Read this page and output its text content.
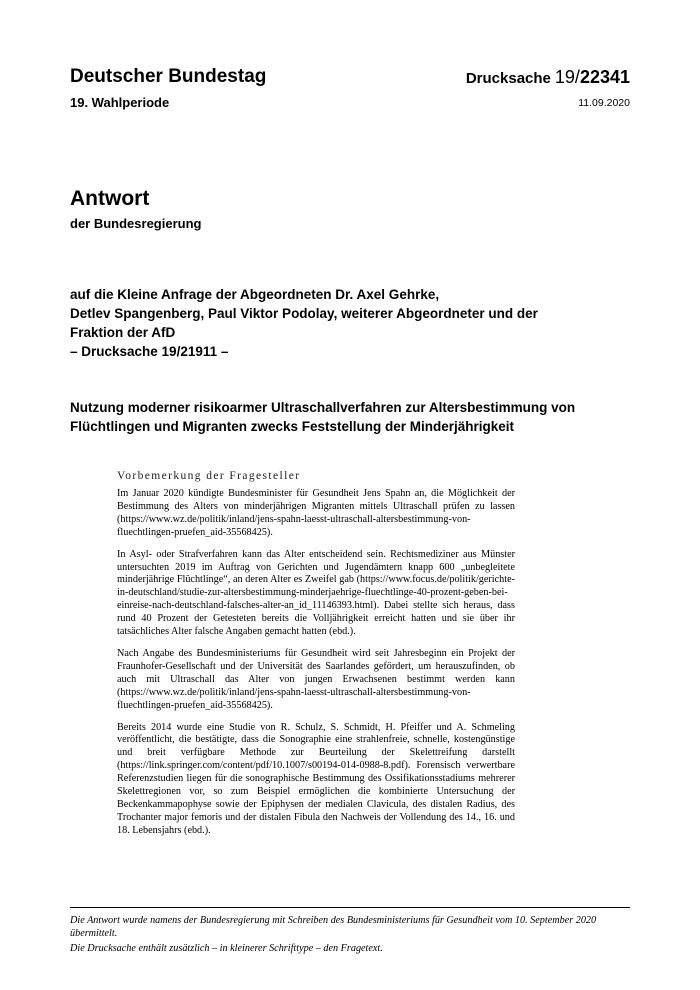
Deutscher Bundestag
19. Wahlperiode
Drucksache 19/22341
11.09.2020
Antwort
der Bundesregierung
auf die Kleine Anfrage der Abgeordneten Dr. Axel Gehrke,
Detlev Spangenberg, Paul Viktor Podolay, weiterer Abgeordneter und der
Fraktion der AfD
– Drucksache 19/21911 –
Nutzung moderner risikoarmer Ultraschallverfahren zur Altersbestimmung von
Flüchtlingen und Migranten zwecks Feststellung der Minderjährigkeit
Vorbemerkung der Fragesteller

Im Januar 2020 kündigte Bundesminister für Gesundheit Jens Spahn an, die Möglichkeit der Bestimmung des Alters von minderjährigen Migranten mittels Ultraschall prüfen zu lassen (https://www.wz.de/politik/inland/jens-spahn-laesst-ultraschall-altersbestimmung-von-fluechtlingen-pruefen_aid-35568425).

In Asyl- oder Strafverfahren kann das Alter entscheidend sein. Rechtsmediziner aus Münster untersuchten 2019 im Auftrag von Gerichten und Jugendämtern knapp 600 „unbegleitete minderjährige Flüchtlinge“, an deren Alter es Zweifel gab (https://www.focus.de/politik/gerichte-in-deutschland/studie-zur-altersbestimmung-minderjaehrige-fluechtlinge-40-prozent-geben-bei-einreise-nach-deutschland-falsches-alter-an_id_11146393.html). Dabei stellte sich heraus, dass rund 40 Prozent der Getesteten bereits die Volljährigkeit erreicht hatten und sie über ihr tatsächliches Alter falsche Angaben gemacht hatten (ebd.).

Nach Angabe des Bundesministeriums für Gesundheit wird seit Jahresbeginn ein Projekt der Fraunhofer-Gesellschaft und der Universität des Saarlandes gefördert, um herauszufinden, ob auch mit Ultraschall das Alter von jungen Erwachsenen bestimmt werden kann (https://www.wz.de/politik/inland/jens-spahn-laesst-ultraschall-altersbestimmung-von-fluechtlingen-pruefen_aid-35568425).

Bereits 2014 wurde eine Studie von R. Schulz, S. Schmidt, H. Pfeiffer und A. Schmeling veröffentlicht, die bestätigte, dass die Sonographie eine strahlenfreie, schnelle, kostengünstige und breit verfügbare Methode zur Beurteilung der Skelettreifung darstellt (https://link.springer.com/content/pdf/10.1007/s00194-014-0988-8.pdf). Forensisch verwertbare Referenzstudien liegen für die sonographische Bestimmung des Ossifikationsstadiums mehrerer Skelettregionen vor, so zum Beispiel ermöglichen die kombinierte Untersuchung der Beckenkammapophyse sowie der Epiphysen der medialen Clavicula, des distalen Radius, des Trochanter major femoris und der distalen Fibula den Nachweis der Vollendung des 14., 16. und 18. Lebensjahrs (ebd.).

Die Antwort wurde namens der Bundesregierung mit Schreiben des Bundesministeriums für Gesundheit vom 10. September 2020 übermittelt.

Die Drucksache enthält zusätzlich – in kleinerer Schrifttype – den Fragetext.
